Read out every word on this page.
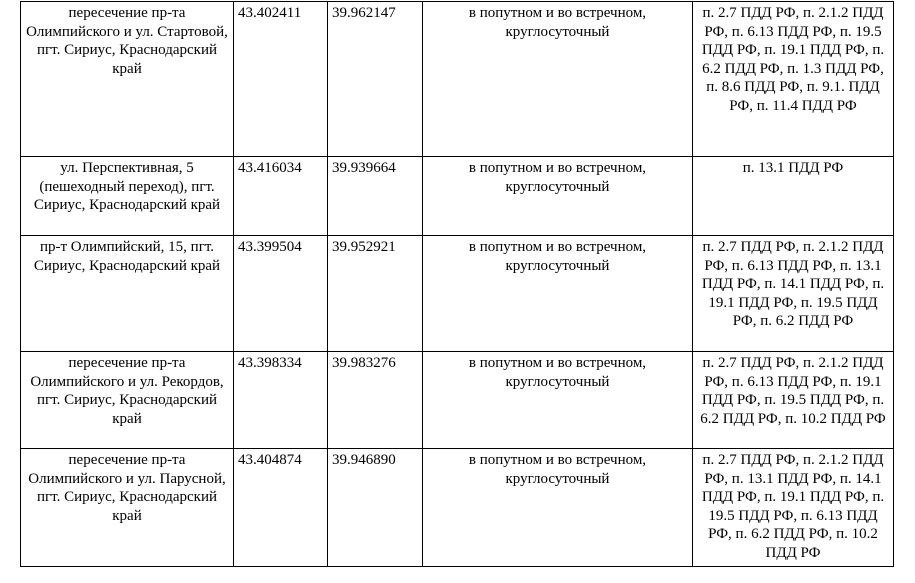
пересечение пр-та Олимпийского и ул. Стартовой, пгт. Сириус, Краснодарский край	43.402411	39.962147	в попутном и во встречном, круглосуточный	п. 2.7 ПДД РФ, п. 2.1.2 ПДД РФ, п. 6.13 ПДД РФ, п. 19.5 ПДД РФ, п. 19.1 ПДД РФ, п. 6.2 ПДД РФ, п. 1.3 ПДД РФ, п. 8.6 ПДД РФ, п. 9.1. ПДД РФ, п. 11.4 ПДД РФ
ул. Перспективная, 5 (пешеходный переход), пгт. Сириус, Краснодарский край	43.416034	39.939664	в попутном и во встречном, круглосуточный	п. 13.1 ПДД РФ
пр-т Олимпийский, 15, пгт. Сириус, Краснодарский край	43.399504	39.952921	в попутном и во встречном, круглосуточный	п. 2.7 ПДД РФ, п. 2.1.2 ПДД РФ, п. 6.13 ПДД РФ, п. 13.1 ПДД РФ, п. 14.1 ПДД РФ, п. 19.1 ПДД РФ, п. 19.5 ПДД РФ, п. 6.2 ПДД РФ
пересечение пр-та Олимпийского и ул. Рекордов, пгт. Сириус, Краснодарский край	43.398334	39.983276	в попутном и во встречном, круглосуточный	п. 2.7 ПДД РФ, п. 2.1.2 ПДД РФ, п. 6.13 ПДД РФ, п. 19.1 ПДД РФ, п. 19.5 ПДД РФ, п. 6.2 ПДД РФ, п. 10.2 ПДД РФ
пересечение пр-та Олимпийского и ул. Парусной, пгт. Сириус, Краснодарский край	43.404874	39.946890	в попутном и во встречном, круглосуточный	п. 2.7 ПДД РФ, п. 2.1.2 ПДД РФ, п. 13.1 ПДД РФ, п. 14.1 ПДД РФ, п. 19.1 ПДД РФ, п. 19.5 ПДД РФ, п. 6.13 ПДД РФ, п. 6.2 ПДД РФ, п. 10.2 ПДД РФ
